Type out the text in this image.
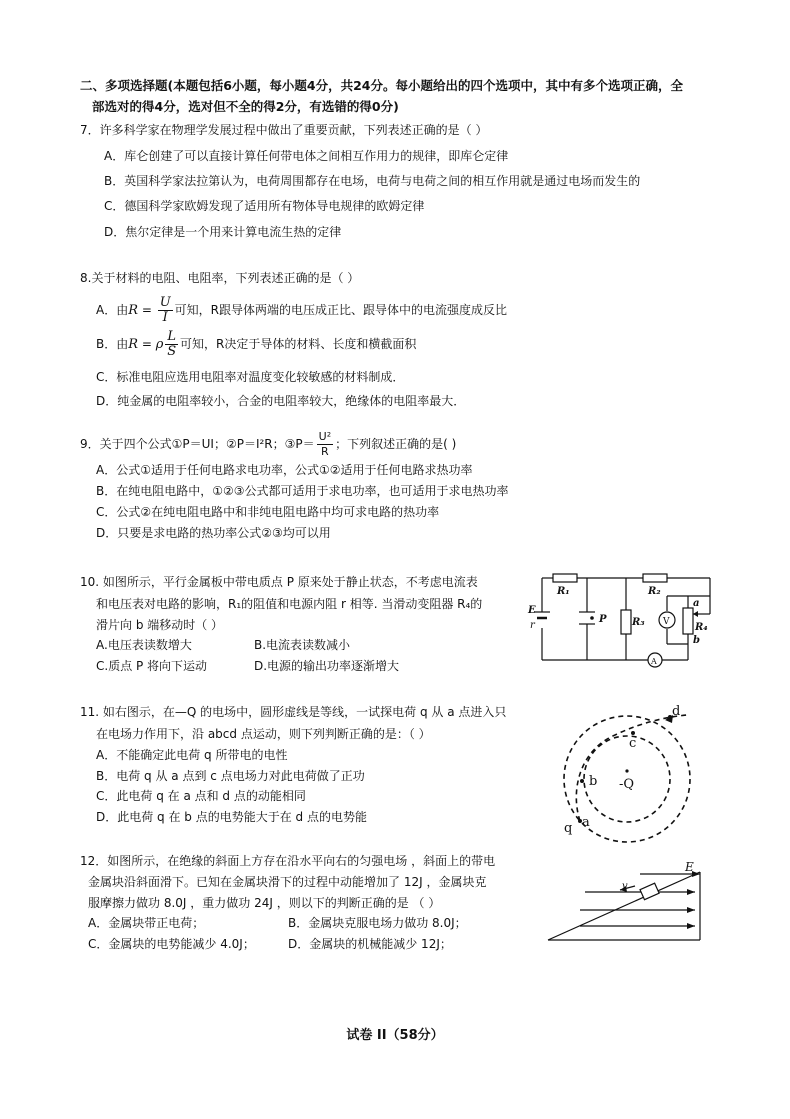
二、多项选择题(本题包括6小题，每小题4分，共24分。每小题给出的四个选项中，其中有多个选项正确，全
部选对的得4分，选对但不全的得2分，有选错的得0分)
7．许多科学家在物理学发展过程中做出了重要贡献，下列表述正确的是（ ）
A．库仑创建了可以直接计算任何带电体之间相互作用力的规律，即库仑定律
B．英国科学家法拉第认为，电荷周围都存在电场，电荷与电荷之间的相互作用就是通过电场而发生的
C．德国科学家欧姆发现了适用所有物体导电规律的欧姆定律
D．焦尔定律是一个用来计算电流生热的定律
8.关于材料的电阻、电阻率，下列表述正确的是（ ）
A．由$R = \frac{U}{I}$ 可知，R跟导体两端的电压成正比、跟导体中的电流强度成反比
B．由R = ρ $\frac{L}{S}$ 可知，R决定于导体的材料、长度和横截面积
C．标准电阻应选用电阻率对温度变化较敏感的材料制成．
D．纯金属的电阻率较小，合金的电阻率较大，绝缘体的电阻率最大．
9．关于四个公式①P＝UI；②P＝I²R；③P＝ $\frac{\text{U²}}{R}$ ；下列叙述正确的是( )
A．公式①适用于任何电路求电功率，公式①②适用于任何电路求热功率
B．在纯电阻电路中，①②③公式都可适用于求电功率，也可适用于求电热功率
C．公式②在纯电阻电路中和非纯电阻电路中均可求电路的热功率
D．只要是求电路的热功率公式②③均可以用
10. 如图所示，平行金属板中带电质点 P 原来处于静止状态，不考虑电流表
和电压表对电路的影响，R₁的阻值和电源内阻 r 相等. 当滑动变阻器 R₄的
滑片向 b 端移动时（ ）
A.电压表读数增大	B.电流表读数减小
C.质点 P 将向下运动	D.电源的输出功率逐渐增大
E
r
R₁	R₂
R₃	R₄
P	V
A
a
b
11. 如右图示，在—Q 的电场中，圆形虚线是等线，一试探电荷 q 从 a 点进入只
在电场力作用下，沿 abcd 点运动，则下列判断正确的是：（ ）
A．不能确定此电荷 q 所带电的电性
B．电荷 q 从 a 点到 c 点电场力对此电荷做了正功
C．此电荷 q 在 a 点和 d 点的动能相同
D．此电荷 q 在 b 点的电势能大于在 d 点的电势能
d
c
b
a
q
-Q
12．如图所示，在绝缘的斜面上方存在沿水平向右的匀强电场 ，斜面上的带电
金属块沿斜面滑下。已知在金属块滑下的过程中动能增加了 12J ，金属块克
服摩擦力做功 8.0J ，重力做功 24J ，则以下的判断正确的是 （ ）
A．金属块带正电荷；	B．金属块克服电场力做功 8.0J；
C．金属块的电势能减少 4.0J；	D．金属块的机械能减少 12J；
E
v
试卷 II（58分）
